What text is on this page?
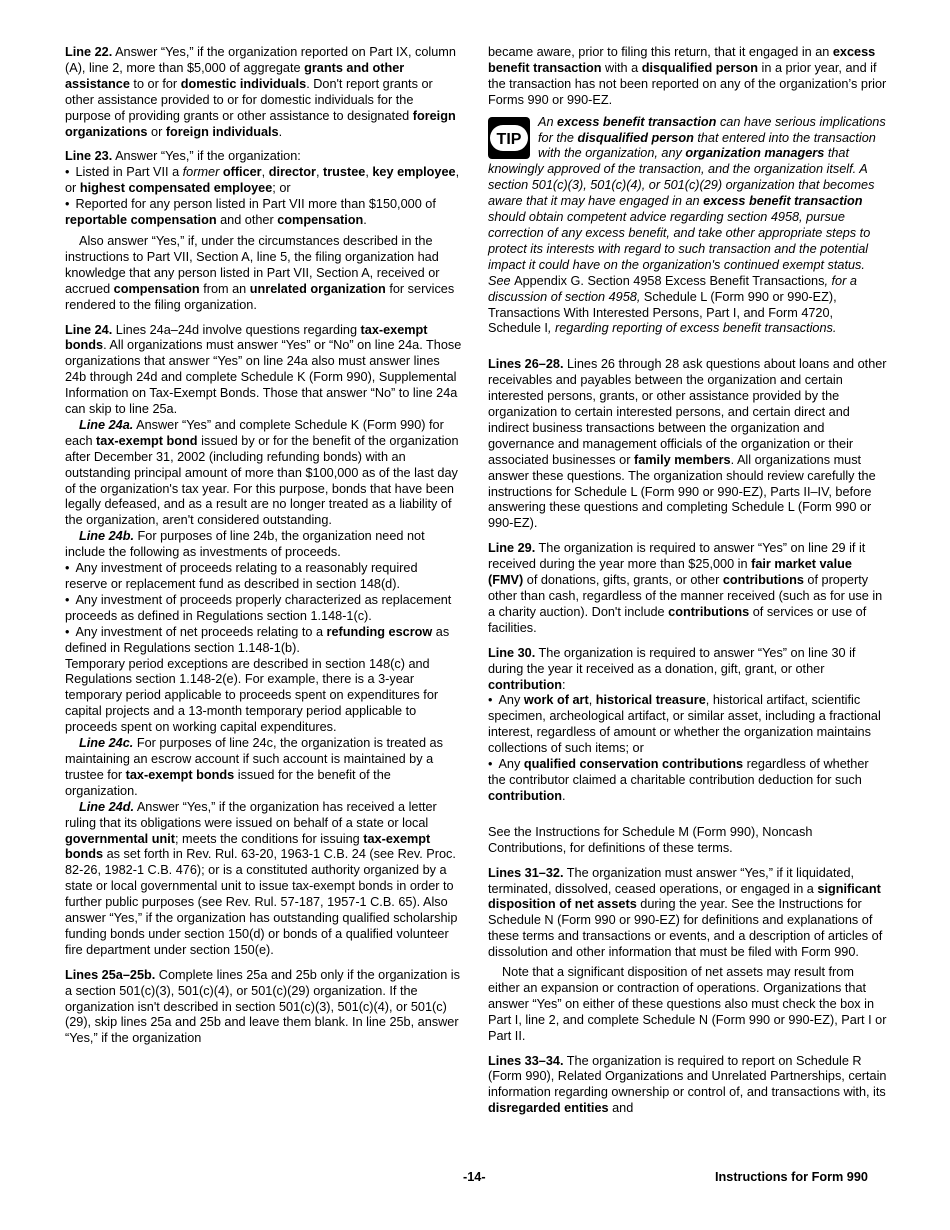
Line 22. Answer “Yes,” if the organization reported on Part IX, column (A), line 2, more than $5,000 of aggregate grants and other assistance to or for domestic individuals. Don't report grants or other assistance provided to or for domestic individuals for the purpose of providing grants or other assistance to designated foreign organizations or foreign individuals.

Line 23. Answer “Yes,” if the organization:

• Listed in Part VII a former officer, director, trustee, key employee, or highest compensated employee; or

• Reported for any person listed in Part VII more than $150,000 of reportable compensation and other compensation.

Also answer “Yes,” if, under the circumstances described in the instructions to Part VII, Section A, line 5, the filing organization had knowledge that any person listed in Part VII, Section A, received or accrued compensation from an unrelated organization for services rendered to the filing organization.

Line 24. Lines 24a–24d involve questions regarding tax-exempt bonds. All organizations must answer “Yes” or “No” on line 24a. Those organizations that answer “Yes” on line 24a also must answer lines 24b through 24d and complete Schedule K (Form 990), Supplemental Information on Tax-Exempt Bonds. Those that answer “No” to line 24a can skip to line 25a.

Line 24a. Answer “Yes” and complete Schedule K (Form 990) for each tax-exempt bond issued by or for the benefit of the organization after December 31, 2002 (including refunding bonds) with an outstanding principal amount of more than $100,000 as of the last day of the organization's tax year. For this purpose, bonds that have been legally defeased, and as a result are no longer treated as a liability of the organization, aren't considered outstanding.

Line 24b. For purposes of line 24b, the organization need not include the following as investments of proceeds.

• Any investment of proceeds relating to a reasonably required reserve or replacement fund as described in section 148(d).

• Any investment of proceeds properly characterized as replacement proceeds as defined in Regulations section 1.148-1(c).

• Any investment of net proceeds relating to a refunding escrow as defined in Regulations section 1.148-1(b).

Temporary period exceptions are described in section 148(c) and Regulations section 1.148-2(e). For example, there is a 3-year temporary period applicable to proceeds spent on expenditures for capital projects and a 13-month temporary period applicable to proceeds spent on working capital expenditures.

Line 24c. For purposes of line 24c, the organization is treated as maintaining an escrow account if such account is maintained by a trustee for tax-exempt bonds issued for the benefit of the organization.

Line 24d. Answer “Yes,” if the organization has received a letter ruling that its obligations were issued on behalf of a state or local governmental unit; meets the conditions for issuing tax-exempt bonds as set forth in Rev. Rul. 63-20, 1963-1 C.B. 24 (see Rev. Proc. 82-26, 1982-1 C.B. 476); or is a constituted authority organized by a state or local governmental unit to issue tax-exempt bonds in order to further public purposes (see Rev. Rul. 57-187, 1957-1 C.B. 65). Also answer “Yes,” if the organization has outstanding qualified scholarship funding bonds under section 150(d) or bonds of a qualified volunteer fire department under section 150(e).

Lines 25a–25b. Complete lines 25a and 25b only if the organization is a section 501(c)(3), 501(c)(4), or 501(c)(29) organization. If the organization isn't described in section 501(c)(3), 501(c)(4), or 501(c)(29), skip lines 25a and 25b and leave them blank. In line 25b, answer “Yes,” if the organization

became aware, prior to filing this return, that it engaged in an excess benefit transaction with a disqualified person in a prior year, and if the transaction has not been reported on any of the organization’s prior Forms 990 or 990-EZ.

TIP

An excess benefit transaction can have serious implications for the disqualified person that entered into the transaction with the organization, any organization managers that knowingly approved of the transaction, and the organization itself. A section 501(c)(3), 501(c)(4), or 501(c)(29) organization that becomes aware that it may have engaged in an excess benefit transaction should obtain competent advice regarding section 4958, pursue correction of any excess benefit, and take other appropriate steps to protect its interests with regard to such transaction and the potential impact it could have on the organization's continued exempt status. See Appendix G. Section 4958 Excess Benefit Transactions, for a discussion of section 4958, Schedule L (Form 990 or 990-EZ), Transactions With Interested Persons, Part I, and Form 4720, Schedule I, regarding reporting of excess benefit transactions.

Lines 26–28. Lines 26 through 28 ask questions about loans and other receivables and payables between the organization and certain interested persons, grants, or other assistance provided by the organization to certain interested persons, and certain direct and indirect business transactions between the organization and governance and management officials of the organization or their associated businesses or family members. All organizations must answer these questions. The organization should review carefully the instructions for Schedule L (Form 990 or 990-EZ), Parts II–IV, before answering these questions and completing Schedule L (Form 990 or 990-EZ).

Line 29. The organization is required to answer “Yes” on line 29 if it received during the year more than $25,000 in fair market value (FMV) of donations, gifts, grants, or other contributions of property other than cash, regardless of the manner received (such as for use in a charity auction). Don't include contributions of services or use of facilities.

Line 30. The organization is required to answer “Yes” on line 30 if during the year it received as a donation, gift, grant, or other contribution:

• Any work of art, historical treasure, historical artifact, scientific specimen, archeological artifact, or similar asset, including a fractional interest, regardless of amount or whether the organization maintains collections of such items; or

• Any qualified conservation contributions regardless of whether the contributor claimed a charitable contribution deduction for such contribution.

See the Instructions for Schedule M (Form 990), Noncash Contributions, for definitions of these terms.

Lines 31–32. The organization must answer “Yes,” if it liquidated, terminated, dissolved, ceased operations, or engaged in a significant disposition of net assets during the year. See the Instructions for Schedule N (Form 990 or 990-EZ) for definitions and explanations of these terms and transactions or events, and a description of articles of dissolution and other information that must be filed with Form 990.

Note that a significant disposition of net assets may result from either an expansion or contraction of operations. Organizations that answer “Yes” on either of these questions also must check the box in Part I, line 2, and complete Schedule N (Form 990 or 990-EZ), Part I or Part II.

Lines 33–34. The organization is required to report on Schedule R (Form 990), Related Organizations and Unrelated Partnerships, certain information regarding ownership or control of, and transactions with, its disregarded entities and

-14-	Instructions for Form 990
